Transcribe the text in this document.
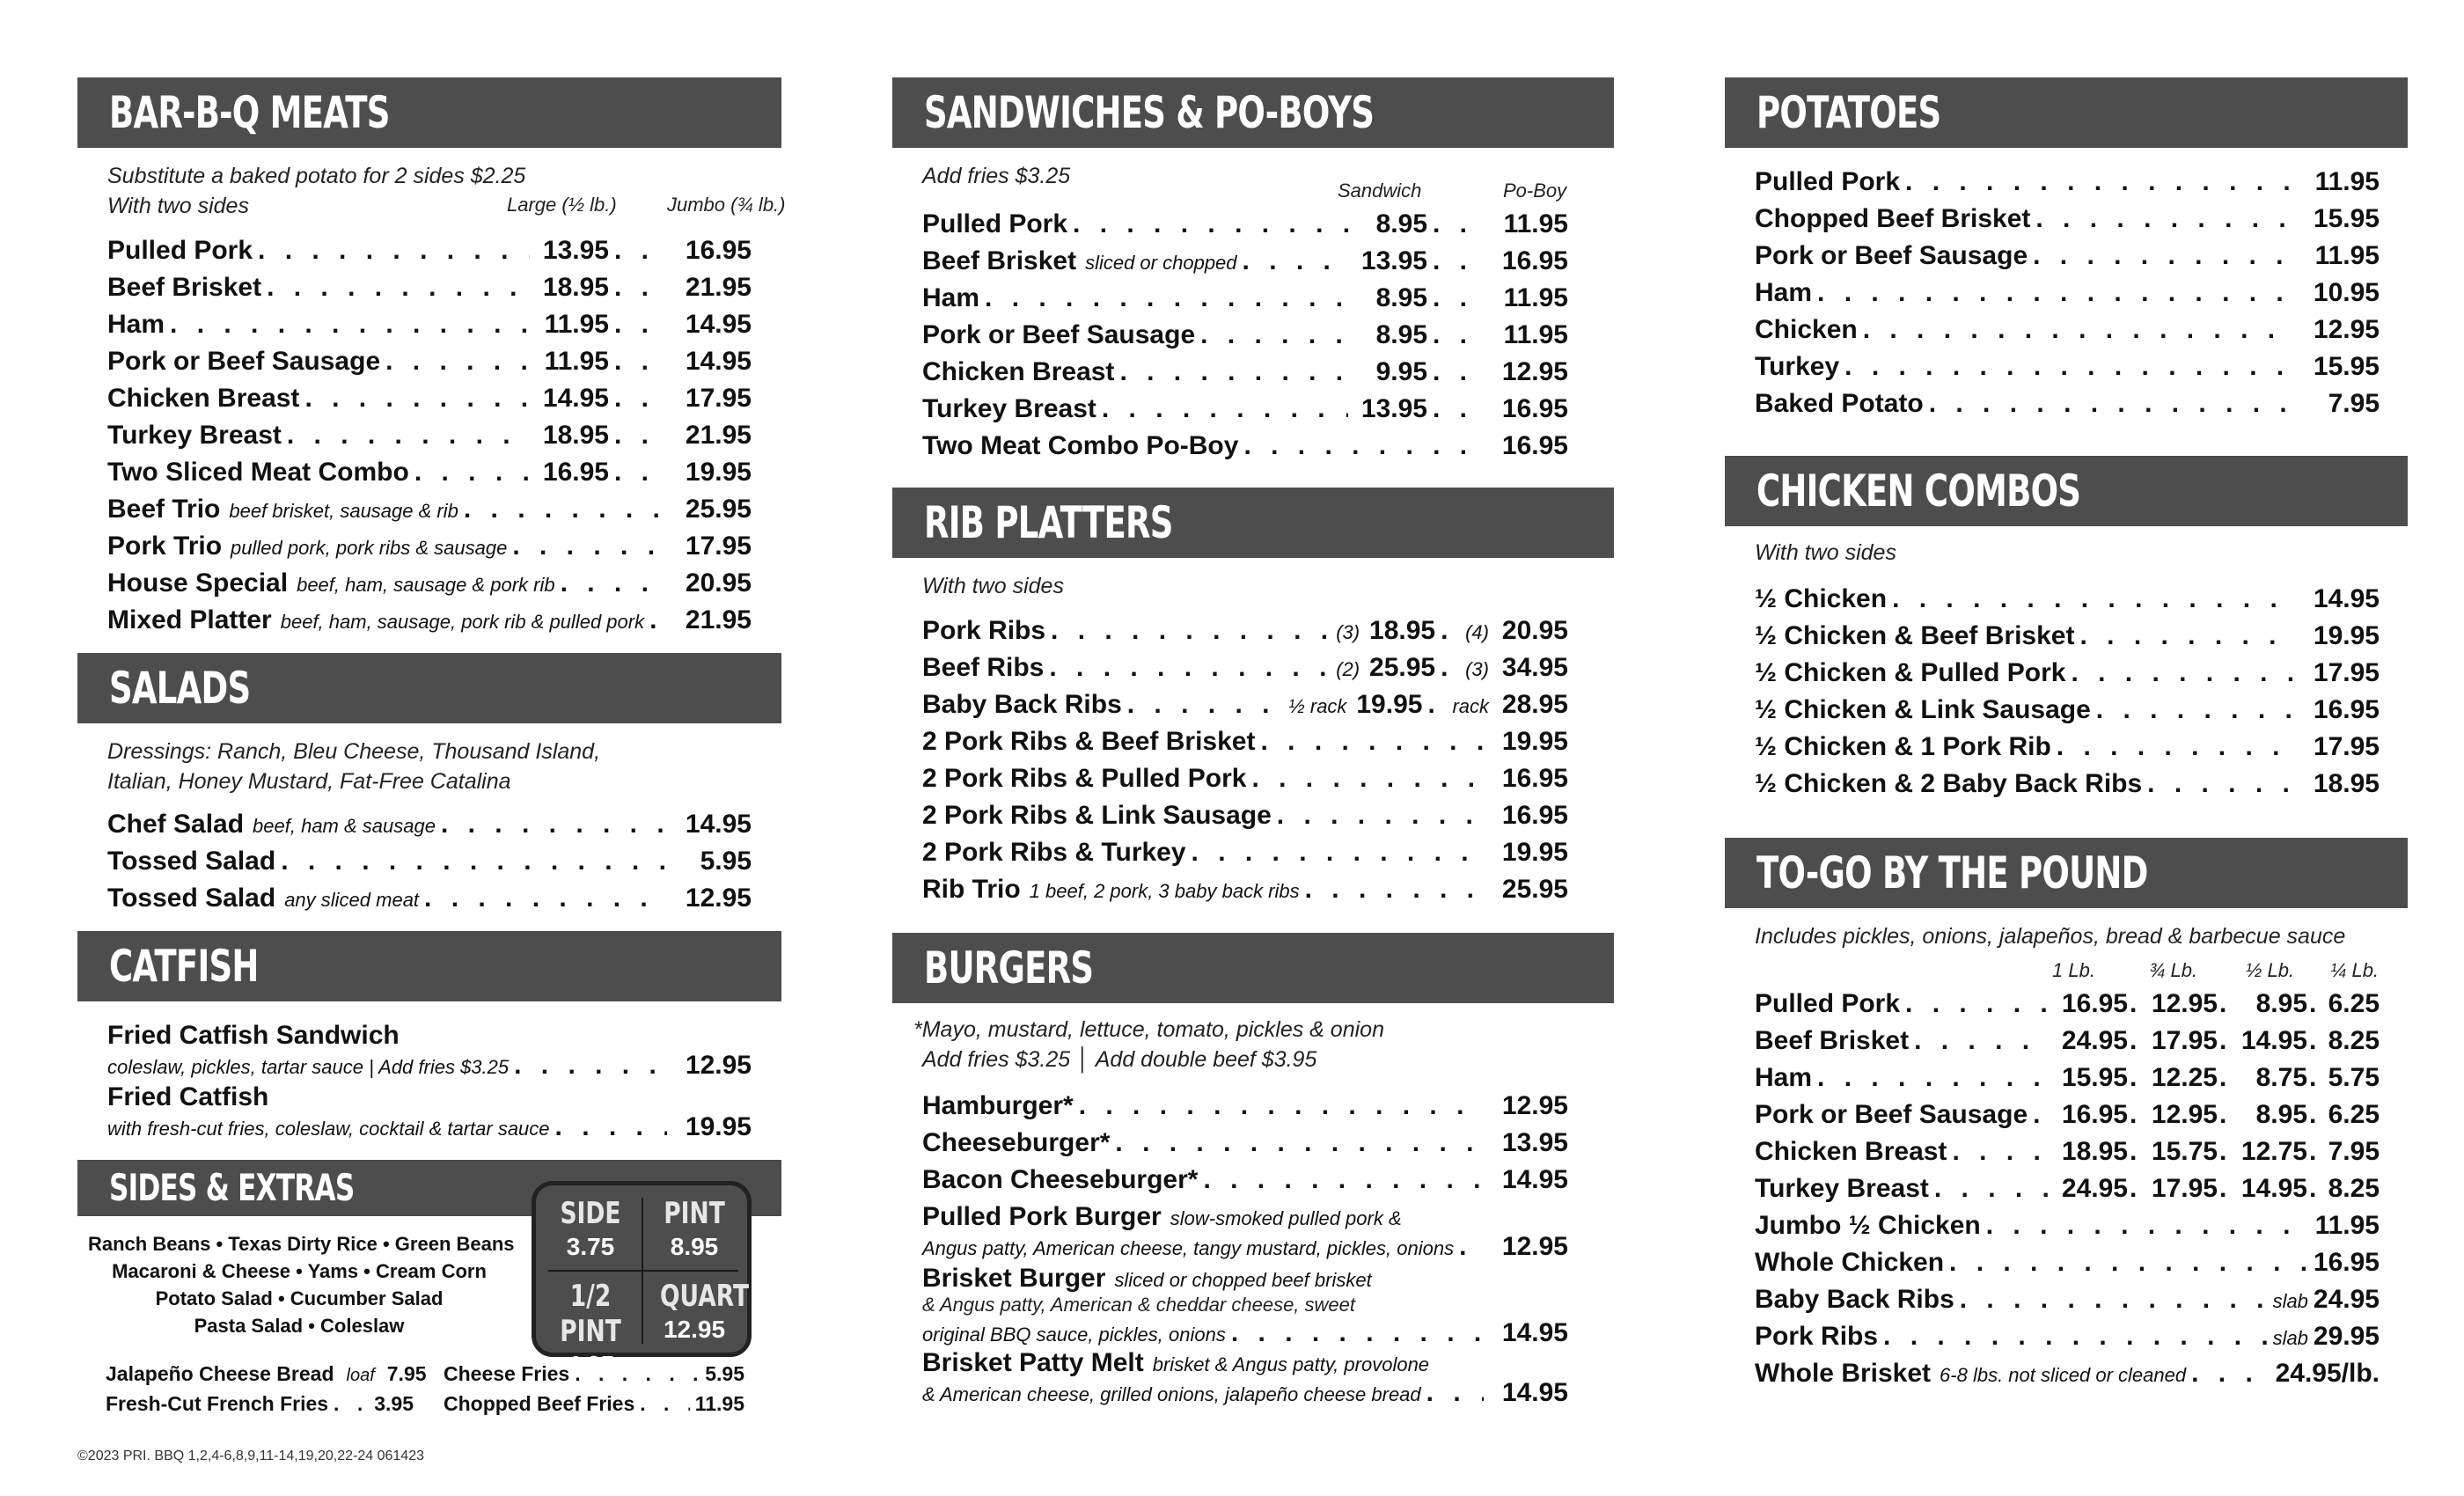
BAR-B-Q MEATS
Substitute a baked potato for 2 sides $2.25
With two sides	Large (½ lb.)	Jumbo (¾ lb.)
Pulled Pork . . .	13.95 . . .	16.95
Beef Brisket . . .	18.95 . . .	21.95
Ham . . .	11.95 . . .	14.95
Pork or Beef Sausage . . .	11.95 . . .	14.95
Chicken Breast . . .	14.95 . . .	17.95
Turkey Breast . . .	18.95 . . .	21.95
Two Sliced Meat Combo . . .	16.95 . . .	19.95
Beef Trio beef brisket, sausage & rib . . .	25.95
Pork Trio pulled pork, pork ribs & sausage . . .	17.95
House Special beef, ham, sausage & pork rib . . .	20.95
Mixed Platter beef, ham, sausage, pork rib & pulled pork . . .	21.95
SALADS
Dressings: Ranch, Bleu Cheese, Thousand Island,
Italian, Honey Mustard, Fat-Free Catalina
Chef Salad beef, ham & sausage . . .	14.95
Tossed Salad . . .	5.95
Tossed Salad any sliced meat . . .	12.95
CATFISH
Fried Catfish Sandwich
coleslaw, pickles, tartar sauce | Add fries $3.25 . . .	12.95
Fried Catfish
with fresh-cut fries, coleslaw, cocktail & tartar sauce . . .	19.95
SIDES & EXTRAS
Ranch Beans • Texas Dirty Rice • Green Beans
Macaroni & Cheese • Yams • Cream Corn
Potato Salad • Cucumber Salad
Pasta Salad • Coleslaw
SIDE
3.75
PINT
8.95
1/2 PINT
4.95
QUART
12.95
Jalapeño Cheese Bread loaf 7.95
Fresh-Cut French Fries . . . 3.95
Cheese Fries . . .	5.95
Chopped Beef Fries . . .	11.95
©2023 PRI. BBQ 1,2,4-6,8,9,11-14,19,20,22-24 061423
SANDWICHES & PO-BOYS
Add fries $3.25
Sandwich	Po-Boy
Pulled Pork . . .	8.95 . . .	11.95
Beef Brisket sliced or chopped . . .	13.95 . . .	16.95
Ham . . .	8.95 . . .	11.95
Pork or Beef Sausage . . .	8.95 . . .	11.95
Chicken Breast . . .	9.95 . . .	12.95
Turkey Breast . . .	13.95 . . .	16.95
Two Meat Combo Po-Boy . . .	16.95
RIB PLATTERS
With two sides
Pork Ribs . . .	(3) 18.95 . . . (4) 20.95
Beef Ribs . . .	(2) 25.95 . . . (3) 34.95
Baby Back Ribs . . .	½ rack 19.95 . . . rack 28.95
2 Pork Ribs & Beef Brisket . . .	19.95
2 Pork Ribs & Pulled Pork . . .	16.95
2 Pork Ribs & Link Sausage . . .	16.95
2 Pork Ribs & Turkey . . .	19.95
Rib Trio 1 beef, 2 pork, 3 baby back ribs . . .	25.95
BURGERS
*Mayo, mustard, lettuce, tomato, pickles & onion
Add fries $3.25 │ Add double beef $3.95
Hamburger* . . .	12.95
Cheeseburger* . . .	13.95
Bacon Cheeseburger* . . .	14.95
Pulled Pork Burger slow-smoked pulled pork &
Angus patty, American cheese, tangy mustard, pickles, onions . . .	12.95
Brisket Burger sliced or chopped beef brisket
& Angus patty, American & cheddar cheese, sweet
original BBQ sauce, pickles, onions . . .	14.95
Brisket Patty Melt brisket & Angus patty, provolone
& American cheese, grilled onions, jalapeño cheese bread . . .	14.95
POTATOES
Pulled Pork . . .	11.95
Chopped Beef Brisket . . .	15.95
Pork or Beef Sausage . . .	11.95
Ham . . .	10.95
Chicken . . .	12.95
Turkey . . .	15.95
Baked Potato . . .	7.95
CHICKEN COMBOS
With two sides
½ Chicken . . .	14.95
½ Chicken & Beef Brisket . . .	19.95
½ Chicken & Pulled Pork . . .	17.95
½ Chicken & Link Sausage . . .	16.95
½ Chicken & 1 Pork Rib . . .	17.95
½ Chicken & 2 Baby Back Ribs . . .	18.95
TO-GO BY THE POUND
Includes pickles, onions, jalapeños, bread & barbecue sauce
1 Lb.	¾ Lb. ½ Lb. ¼ Lb.
Pulled Pork . . .	16.95 . . . 12.95 . . .	8.95 . . . 6.25
Beef Brisket . . .	24.95 . . . 17.95 . . . 14.95 . . . 8.25
Ham . . .	15.95 . . . 12.25 . . .	8.75 . . . 5.75
Pork or Beef Sausage . . . 16.95 . . . 12.95 . . .	8.95 . . . 6.25
Chicken Breast . . .	18.95 . . . 15.75 . . . 12.75 . . . 7.95
Turkey Breast . . .	24.95 . . . 17.95 . . . 14.95 . . . 8.25
Jumbo ½ Chicken . . .	11.95
Whole Chicken . . .	16.95
Baby Back Ribs . . .	slab 24.95
Pork Ribs . . .	slab 29.95
Whole Brisket 6-8 lbs. not sliced or cleaned . . .	24.95/lb.
